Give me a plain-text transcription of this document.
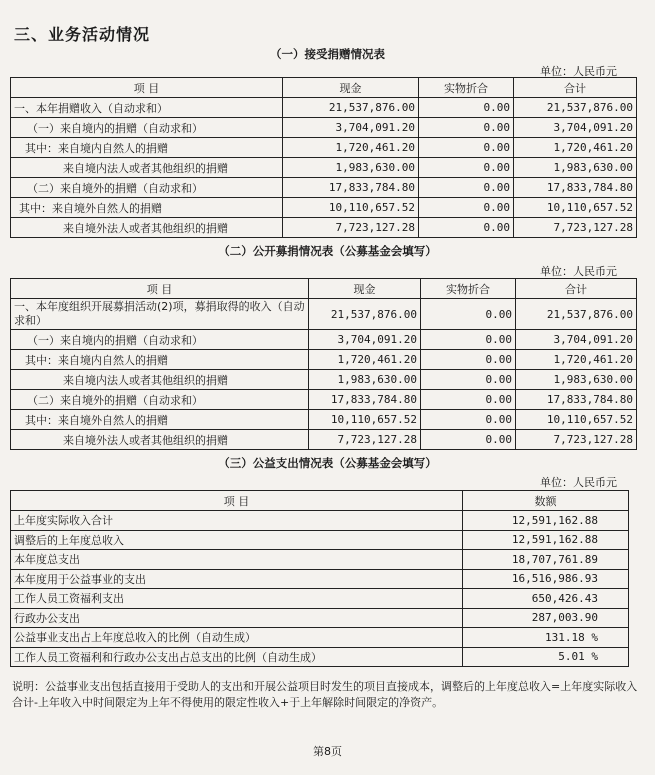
三、业务活动情况
（一）接受捐赠情况表
单位：人民币元
项 目	现金	实物折合	合计
一、本年捐赠收入（自动求和）	21,537,876.00	0.00	21,537,876.00
（一）来自境内的捐赠（自动求和）	3,704,091.20	0.00	3,704,091.20
其中：来自境内自然人的捐赠	1,720,461.20	0.00	1,720,461.20
来自境内法人或者其他组织的捐赠	1,983,630.00	0.00	1,983,630.00
（二）来自境外的捐赠（自动求和）	17,833,784.80	0.00	17,833,784.80
其中：来自境外自然人的捐赠	10,110,657.52	0.00	10,110,657.52
来自境外法人或者其他组织的捐赠	7,723,127.28	0.00	7,723,127.28
（二）公开募捐情况表（公募基金会填写）
单位：人民币元
项 目	现金	实物折合	合计
一、本年度组织开展募捐活动(2)项，募捐取得的收入（自动求和）	21,537,876.00	0.00	21,537,876.00
（一）来自境内的捐赠（自动求和）	3,704,091.20	0.00	3,704,091.20
其中：来自境内自然人的捐赠	1,720,461.20	0.00	1,720,461.20
来自境内法人或者其他组织的捐赠	1,983,630.00	0.00	1,983,630.00
（二）来自境外的捐赠（自动求和）	17,833,784.80	0.00	17,833,784.80
其中：来自境外自然人的捐赠	10,110,657.52	0.00	10,110,657.52
来自境外法人或者其他组织的捐赠	7,723,127.28	0.00	7,723,127.28
（三）公益支出情况表（公募基金会填写）
单位：人民币元
项 目	数额
上年度实际收入合计	12,591,162.88
调整后的上年度总收入	12,591,162.88
本年度总支出	18,707,761.89
本年度用于公益事业的支出	16,516,986.93
工作人员工资福利支出	650,426.43
行政办公支出	287,003.90
公益事业支出占上年度总收入的比例（自动生成）	131.18 %
工作人员工资福利和行政办公支出占总支出的比例（自动生成）	5.01 %
说明：公益事业支出包括直接用于受助人的支出和开展公益项目时发生的项目直接成本，调整后的上年度总收入=上年度实际收入合计-上年收入中时间限定为上年不得使用的限定性收入+于上年解除时间限定的净资产。
第8页
